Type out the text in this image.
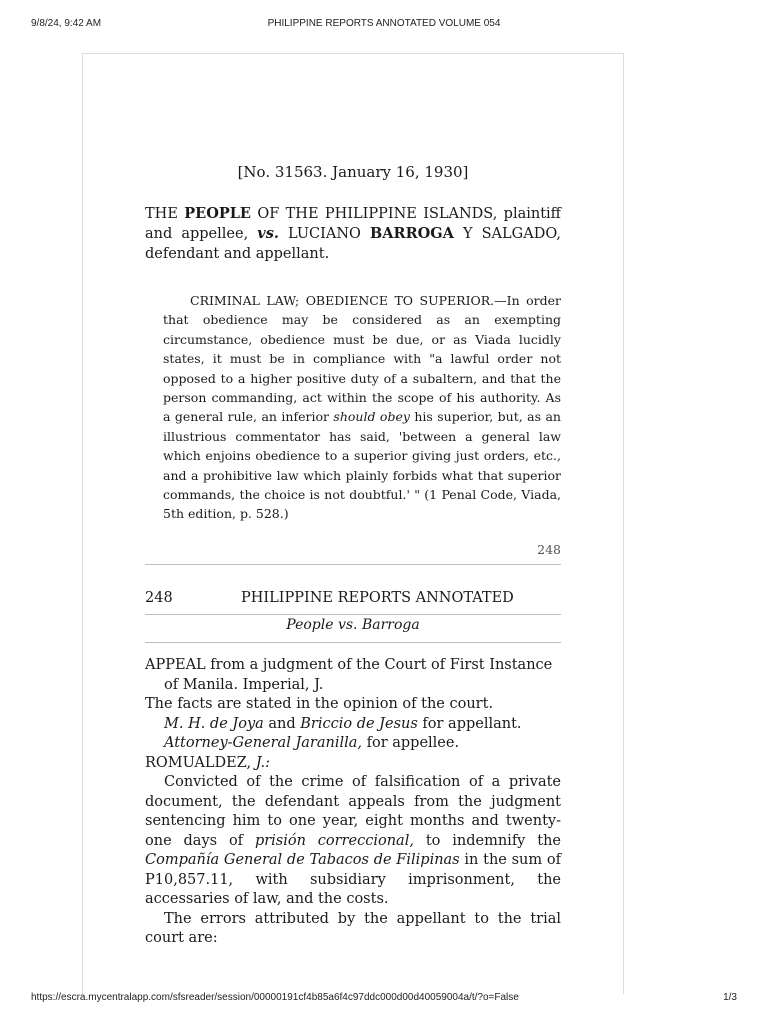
9/8/24, 9:42 AM	PHILIPPINE REPORTS ANNOTATED VOLUME 054
[No. 31563. January 16, 1930]
THE PEOPLE OF THE PHILIPPINE ISLANDS, plaintiff and appellee, vs. LUCIANO BARROGA Y SALGADO, defendant and appellant.
CRIMINAL LAW; OBEDIENCE TO SUPERIOR.—In order that obedience may be considered as an exempting circumstance, obedience must be due, or as Viada lucidly states, it must be in compliance with "a lawful order not opposed to a higher positive duty of a subaltern, and that the person commanding, act within the scope of his authority. As a general rule, an inferior should obey his superior, but, as an illustrious commentator has said, 'between a general law which enjoins obedience to a superior giving just orders, etc., and a prohibitive law which plainly forbids what that superior commands, the choice is not doubtful.' " (1 Penal Code, Viada, 5th edition, p. 528.)
248
248	PHILIPPINE REPORTS ANNOTATED
People vs. Barroga

APPEAL from a judgment of the Court of First Instance of Manila. Imperial, J.

The facts are stated in the opinion of the court.

M. H. de Joya and Briccio de Jesus for appellant.

Attorney-General Jaranilla, for appellee.

ROMUALDEZ, J.:

Convicted of the crime of falsification of a private document, the defendant appeals from the judgment sentencing him to one year, eight months and twenty-one days of prisión correccional, to indemnify the Compañía General de Tabacos de Filipinas in the sum of P10,857.11, with subsidiary imprisonment, the accessaries of law, and the costs.

The errors attributed by the appellant to the trial court are:

https://escra.mycentralapp.com/sfsreader/session/00000191cf4b85a6f4c97ddc000d00d40059004a/t/?o=False	1/3
